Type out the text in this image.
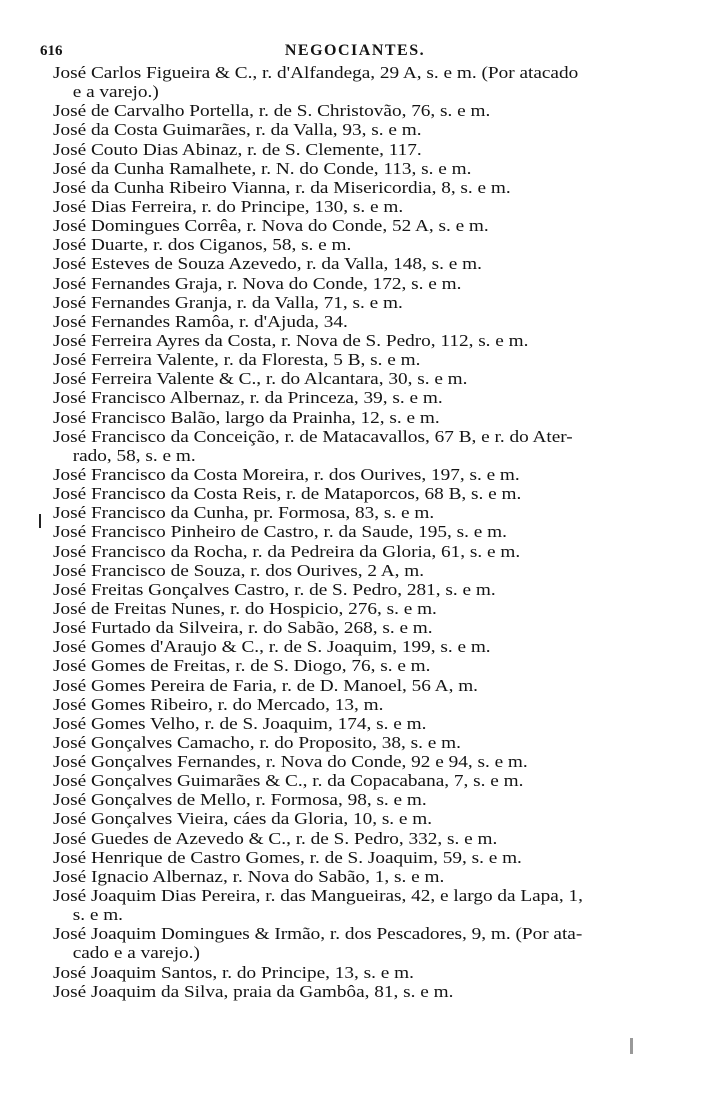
616	NEGOCIANTES.
José Carlos Figueira & C., r. d'Alfandega, 29 A, s. e m. (Por atacado
e a varejo.)
José de Carvalho Portella, r. de S. Christovão, 76, s. e m.
José da Costa Guimarães, r. da Valla, 93, s. e m.
José Couto Dias Abinaz, r. de S. Clemente, 117.
José da Cunha Ramalhete, r. N. do Conde, 113, s. e m.
José da Cunha Ribeiro Vianna, r. da Misericordia, 8, s. e m.
José Dias Ferreira, r. do Principe, 130, s. e m.
José Domingues Corrêa, r. Nova do Conde, 52 A, s. e m.
José Duarte, r. dos Ciganos, 58, s. e m.
José Esteves de Souza Azevedo, r. da Valla, 148, s. e m.
José Fernandes Graja, r. Nova do Conde, 172, s. e m.
José Fernandes Granja, r. da Valla, 71, s. e m.
José Fernandes Ramôa, r. d'Ajuda, 34.
José Ferreira Ayres da Costa, r. Nova de S. Pedro, 112, s. e m.
José Ferreira Valente, r. da Floresta, 5 B, s. e m.
José Ferreira Valente & C., r. do Alcantara, 30, s. e m.
José Francisco Albernaz, r. da Princeza, 39, s. e m.
José Francisco Balão, largo da Prainha, 12, s. e m.
José Francisco da Conceição, r. de Matacavallos, 67 B, e r. do Ater-
rado, 58, s. e m.
José Francisco da Costa Moreira, r. dos Ourives, 197, s. e m.
José Francisco da Costa Reis, r. de Mataporcos, 68 B, s. e m.
José Francisco da Cunha, pr. Formosa, 83, s. e m.
José Francisco Pinheiro de Castro, r. da Saude, 195, s. e m.
José Francisco da Rocha, r. da Pedreira da Gloria, 61, s. e m.
José Francisco de Souza, r. dos Ourives, 2 A, m.
José Freitas Gonçalves Castro, r. de S. Pedro, 281, s. e m.
José de Freitas Nunes, r. do Hospicio, 276, s. e m.
José Furtado da Silveira, r. do Sabão, 268, s. e m.
José Gomes d'Araujo & C., r. de S. Joaquim, 199, s. e m.
José Gomes de Freitas, r. de S. Diogo, 76, s. e m.
José Gomes Pereira de Faria, r. de D. Manoel, 56 A, m.
José Gomes Ribeiro, r. do Mercado, 13, m.
José Gomes Velho, r. de S. Joaquim, 174, s. e m.
José Gonçalves Camacho, r. do Proposito, 38, s. e m.
José Gonçalves Fernandes, r. Nova do Conde, 92 e 94, s. e m.
José Gonçalves Guimarães & C., r. da Copacabana, 7, s. e m.
José Gonçalves de Mello, r. Formosa, 98, s. e m.
José Gonçalves Vieira, cáes da Gloria, 10, s. e m.
José Guedes de Azevedo & C., r. de S. Pedro, 332, s. e m.
José Henrique de Castro Gomes, r. de S. Joaquim, 59, s. e m.
José Ignacio Albernaz, r. Nova do Sabão, 1, s. e m.
José Joaquim Dias Pereira, r. das Mangueiras, 42, e largo da Lapa, 1,
s. e m.
José Joaquim Domingues & Irmão, r. dos Pescadores, 9, m. (Por ata-
cado e a varejo.)
José Joaquim Santos, r. do Principe, 13, s. e m.
José Joaquim da Silva, praia da Gambôa, 81, s. e m.
